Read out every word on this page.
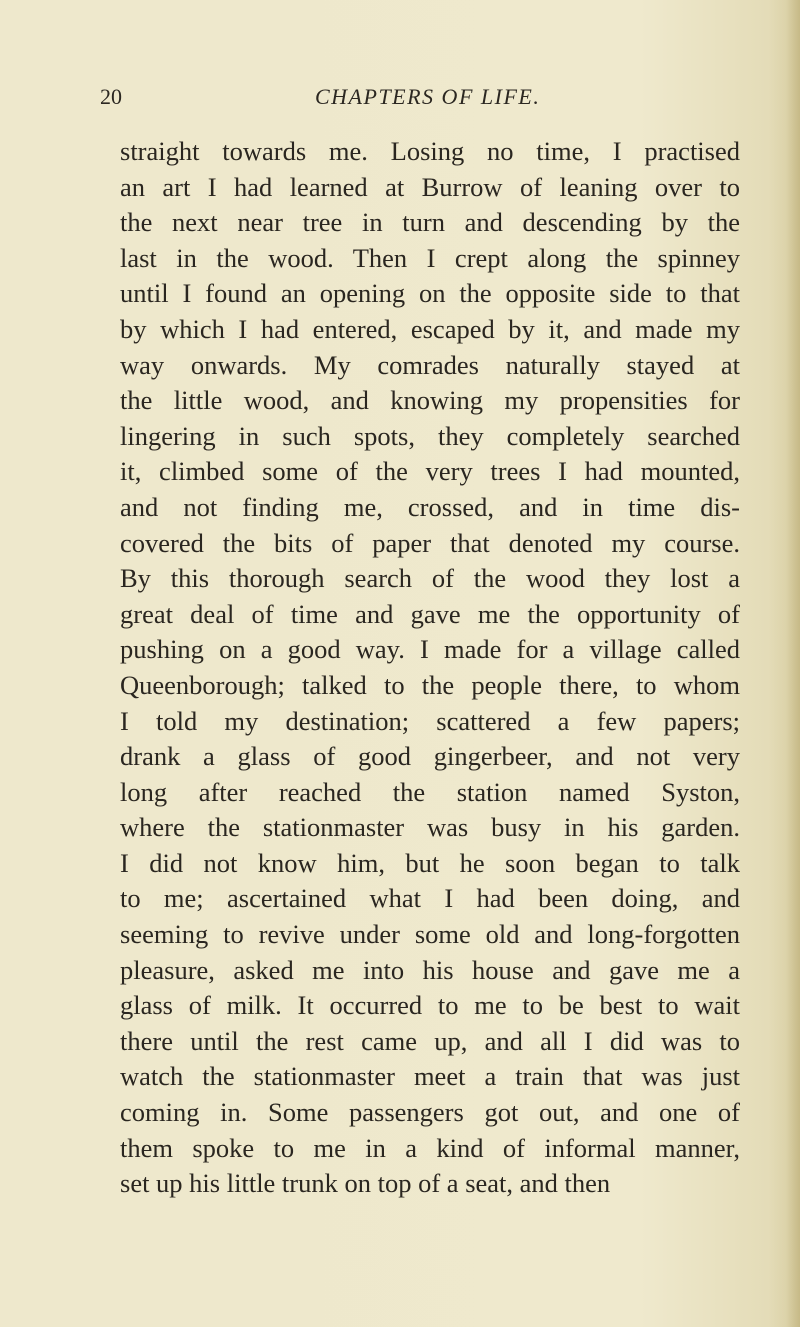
20	CHAPTERS OF LIFE.
straight towards me. Losing no time, I practised
an art I had learned at Burrow of leaning over to
the next near tree in turn and descending by the
last in the wood. Then I crept along the spinney
until I found an opening on the opposite side to that
by which I had entered, escaped by it, and made my
way onwards. My comrades naturally stayed at
the little wood, and knowing my propensities for
lingering in such spots, they completely searched
it, climbed some of the very trees I had mounted,
and not finding me, crossed, and in time dis-
covered the bits of paper that denoted my course.
By this thorough search of the wood they lost a
great deal of time and gave me the opportunity of
pushing on a good way. I made for a village called
Queenborough; talked to the people there, to whom
I told my destination; scattered a few papers;
drank a glass of good gingerbeer, and not very
long after reached the station named Syston,
where the stationmaster was busy in his garden.
I did not know him, but he soon began to talk
to me; ascertained what I had been doing, and
seeming to revive under some old and long-forgotten
pleasure, asked me into his house and gave me a
glass of milk. It occurred to me to be best to wait
there until the rest came up, and all I did was to
watch the stationmaster meet a train that was just
coming in. Some passengers got out, and one of
them spoke to me in a kind of informal manner,
set up his little trunk on top of a seat, and then
